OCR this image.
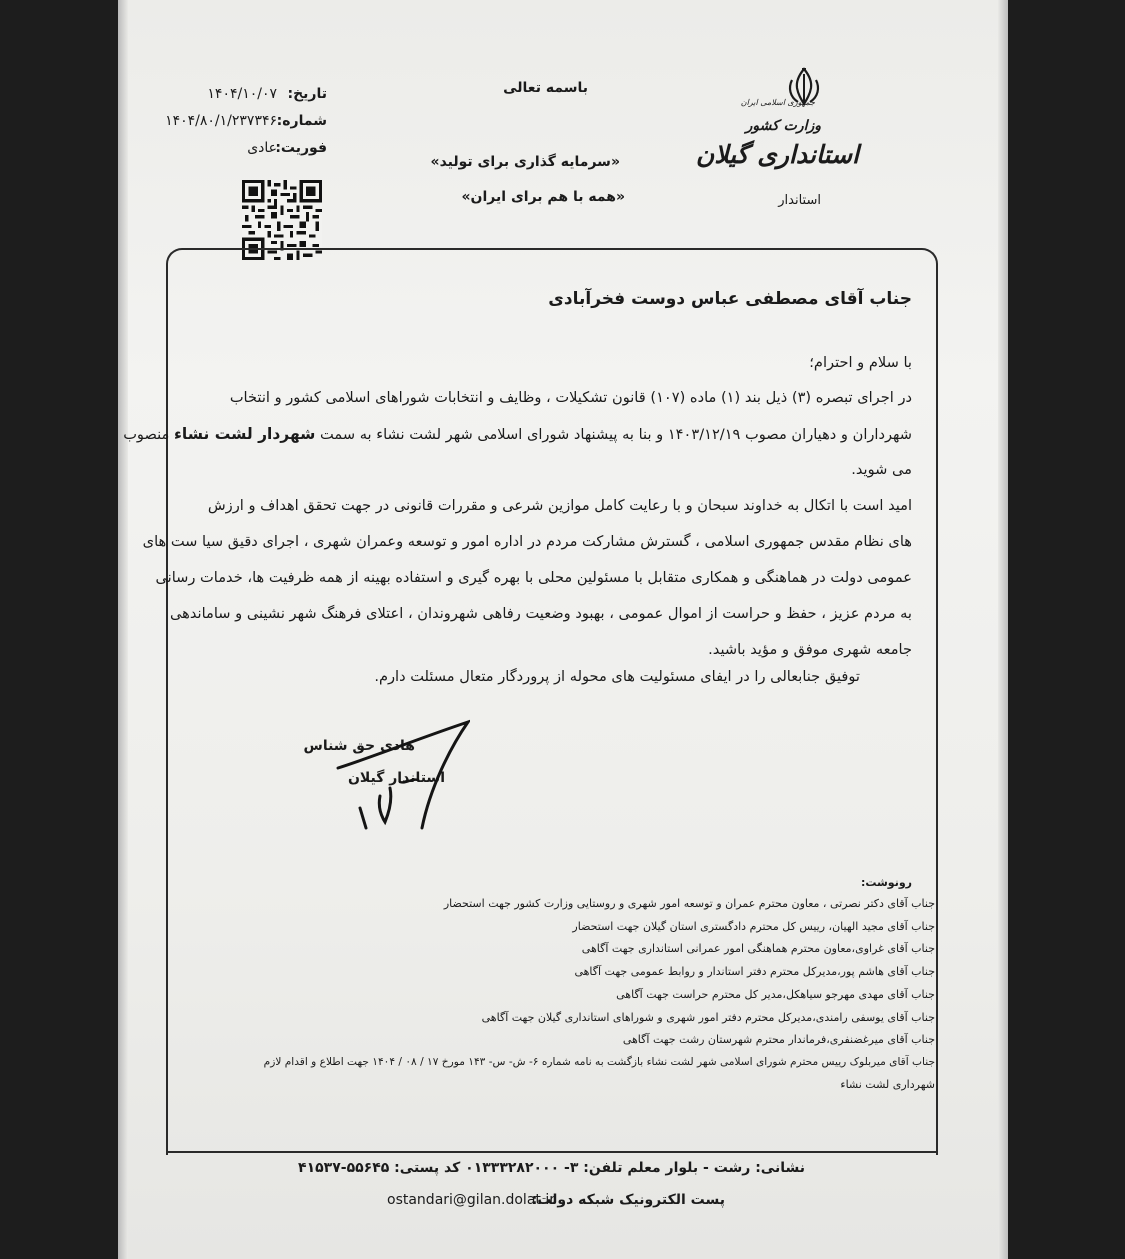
جمهوری اسلامی ایران
وزارت کشور
استانداری گیلان
استاندار
باسمه تعالی
«سرمایه گذاری برای تولید»
«همه با هم برای ایران»
تاریخ:
۱۴۰۴/۱۰/۰۷
شماره:
۱۴۰۴/۸۰/۱/۲۳۷۳۴۶
فوریت:
عادی
جناب آقای مصطفی عباس دوست فخرآبادی
با سلام و احترام؛
در اجرای تبصره (۳) ذیل بند (۱) ماده (۱۰۷) قانون تشکیلات ، وظایف و انتخابات شوراهای اسلامی کشور و انتخاب
شهرداران و دهیاران مصوب ۱۴۰۳/۱۲/۱۹ و بنا به پیشنهاد شورای اسلامی شهر لشت نشاء به سمت شهردار لشت نشاء منصوب
می شوید.
امید است با اتکال به خداوند سبحان و با رعایت کامل موازین شرعی و مقررات قانونی در جهت تحقق اهداف و ارزش
های نظام مقدس جمهوری اسلامی ، گسترش مشارکت مردم در اداره امور و توسعه وعمران شهری ، اجرای دقیق سیا ست های
عمومی دولت در هماهنگی و همکاری متقابل با مسئولین محلی با بهره گیری و استفاده بهینه از همه ظرفیت ها، خدمات رسانی
به مردم عزیز ، حفظ و حراست از اموال عمومی ، بهبود وضعیت رفاهی شهروندان ، اعتلای فرهنگ شهر نشینی و ساماندهی
جامعه شهری موفق و مؤید باشید.
توفیق جنابعالی را در ایفای مسئولیت های محوله از پروردگار متعال مسئلت دارم.
هادی حق شناس
استاندار گیلان
رونوشت:
جناب آقای دکتر نصرتی ، معاون محترم عمران و توسعه امور شهری و روستایی وزارت کشور جهت استحضار
جناب آقای مجید الهیان، رییس کل محترم دادگستری استان گیلان جهت استحضار
جناب آقای غراوی،معاون محترم هماهنگی امور عمرانی استانداری جهت آگاهی
جناب آقای هاشم پور،مدیرکل محترم دفتر استاندار و روابط عمومی جهت آگاهی
جناب آقای مهدی مهرجو سیاهکل،مدیر کل محترم حراست جهت آگاهی
جناب آقای یوسفی رامندی،مدیرکل محترم دفتر امور شهری و شوراهای استانداری گیلان جهت آگاهی
جناب آقای میرغضنفری،فرماندار محترم شهرستان رشت جهت آگاهی
جناب آقای میربلوک رییس محترم شورای اسلامی شهر لشت نشاء بازگشت به نامه شماره ۶- ش- س- ۱۴۳ مورخ ۱۷ / ۰۸ / ۱۴۰۴ جهت اطلاع و اقدام لازم
شهرداری لشت نشاء
نشانی: رشت - بلوار معلم تلفن: ۳- ۰۱۳۳۳۲۸۲۰۰۰ کد پستی: ۵۵۶۴۵-۴۱۵۳۷
پست الکترونیک شبکه دولت:
ostandari@gilan.dolat.ir
